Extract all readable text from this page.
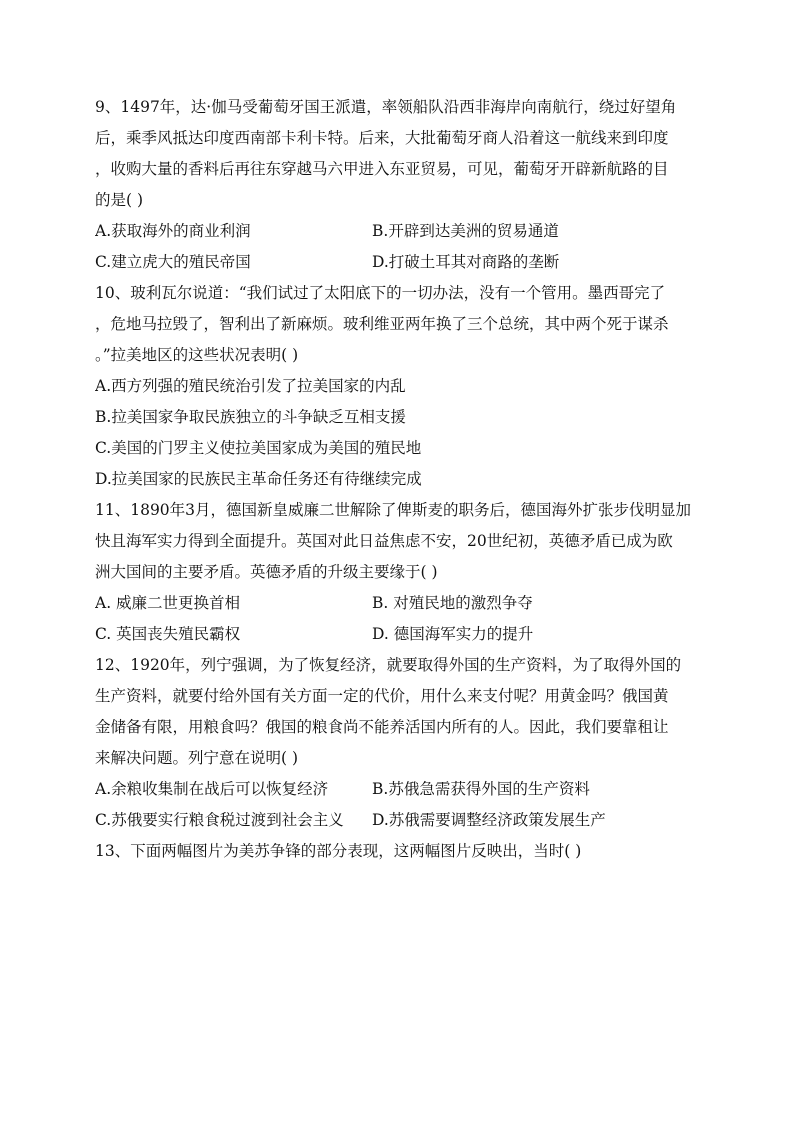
9、1497年，达·伽马受葡萄牙国王派遣，率领船队沿西非海岸向南航行，绕过好望角
后，乘季风抵达印度西南部卡利卡特。后来，大批葡萄牙商人沿着这一航线来到印度
，收购大量的香料后再往东穿越马六甲进入东亚贸易，可见，葡萄牙开辟新航路的目
的是( )
A.获取海外的商业利润	B.开辟到达美洲的贸易通道
C.建立虎大的殖民帝国	D.打破土耳其对商路的垄断
10、玻利瓦尔说道：“我们试过了太阳底下的一切办法，没有一个管用。墨西哥完了
，危地马拉毁了，智利出了新麻烦。玻利维亚两年换了三个总统，其中两个死于谋杀
。”拉美地区的这些状况表明( )
A.西方列强的殖民统治引发了拉美国家的内乱
B.拉美国家争取民族独立的斗争缺乏互相支援
C.美国的门罗主义使拉美国家成为美国的殖民地
D.拉美国家的民族民主革命任务还有待继续完成
11、1890年3月，德国新皇威廉二世解除了俾斯麦的职务后，德国海外扩张步伐明显加
快且海军实力得到全面提升。英国对此日益焦虑不安，20世纪初，英德矛盾已成为欧
洲大国间的主要矛盾。英德矛盾的升级主要缘于( )
A. 威廉二世更换首相	B. 对殖民地的激烈争夺
C. 英国丧失殖民霸权	D. 德国海军实力的提升
12、1920年，列宁强调，为了恢复经济，就要取得外国的生产资料，为了取得外国的
生产资料，就要付给外国有关方面一定的代价，用什么来支付呢？用黄金吗？俄国黄
金储备有限，用粮食吗？俄国的粮食尚不能养活国内所有的人。因此，我们要靠租让
来解决问题。列宁意在说明( )
A.余粮收集制在战后可以恢复经济	B.苏俄急需获得外国的生产资料
C.苏俄要实行粮食税过渡到社会主义	D.苏俄需要调整经济政策发展生产
13、下面两幅图片为美苏争锋的部分表现，这两幅图片反映出，当时( )
